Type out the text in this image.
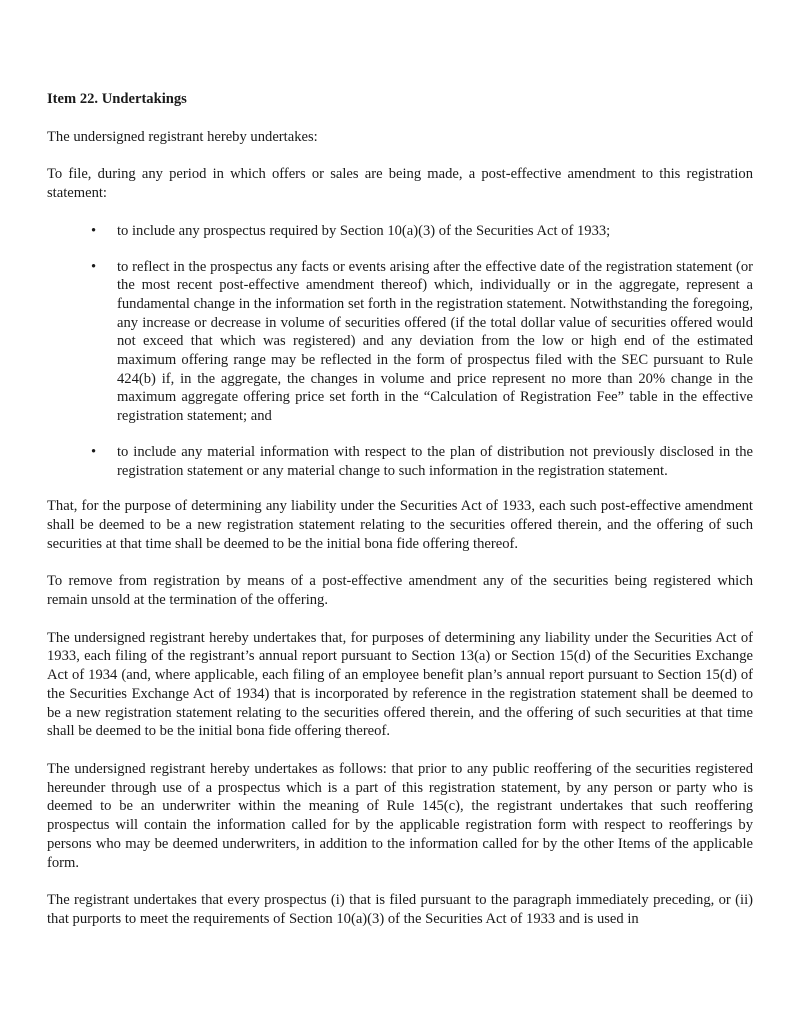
Item 22. Undertakings

The undersigned registrant hereby undertakes:

To file, during any period in which offers or sales are being made, a post-effective amendment to this registration statement:

• to include any prospectus required by Section 10(a)(3) of the Securities Act of 1933;
• to reflect in the prospectus any facts or events arising after the effective date of the registration statement (or the most recent post-effective amendment thereof) which, individually or in the aggregate, represent a fundamental change in the information set forth in the registration statement. Notwithstanding the foregoing, any increase or decrease in volume of securities offered (if the total dollar value of securities offered would not exceed that which was registered) and any deviation from the low or high end of the estimated maximum offering range may be reflected in the form of prospectus filed with the SEC pursuant to Rule 424(b) if, in the aggregate, the changes in volume and price represent no more than 20% change in the maximum aggregate offering price set forth in the “Calculation of Registration Fee” table in the effective registration statement; and
• to include any material information with respect to the plan of distribution not previously disclosed in the registration statement or any material change to such information in the registration statement.

That, for the purpose of determining any liability under the Securities Act of 1933, each such post-effective amendment shall be deemed to be a new registration statement relating to the securities offered therein, and the offering of such securities at that time shall be deemed to be the initial bona fide offering thereof.

To remove from registration by means of a post-effective amendment any of the securities being registered which remain unsold at the termination of the offering.

The undersigned registrant hereby undertakes that, for purposes of determining any liability under the Securities Act of 1933, each filing of the registrant’s annual report pursuant to Section 13(a) or Section 15(d) of the Securities Exchange Act of 1934 (and, where applicable, each filing of an employee benefit plan’s annual report pursuant to Section 15(d) of the Securities Exchange Act of 1934) that is incorporated by reference in the registration statement shall be deemed to be a new registration statement relating to the securities offered therein, and the offering of such securities at that time shall be deemed to be the initial bona fide offering thereof.

The undersigned registrant hereby undertakes as follows: that prior to any public reoffering of the securities registered hereunder through use of a prospectus which is a part of this registration statement, by any person or party who is deemed to be an underwriter within the meaning of Rule 145(c), the registrant undertakes that such reoffering prospectus will contain the information called for by the applicable registration form with respect to reofferings by persons who may be deemed underwriters, in addition to the information called for by the other Items of the applicable form.

The registrant undertakes that every prospectus (i) that is filed pursuant to the paragraph immediately preceding, or (ii) that purports to meet the requirements of Section 10(a)(3) of the Securities Act of 1933 and is used in
